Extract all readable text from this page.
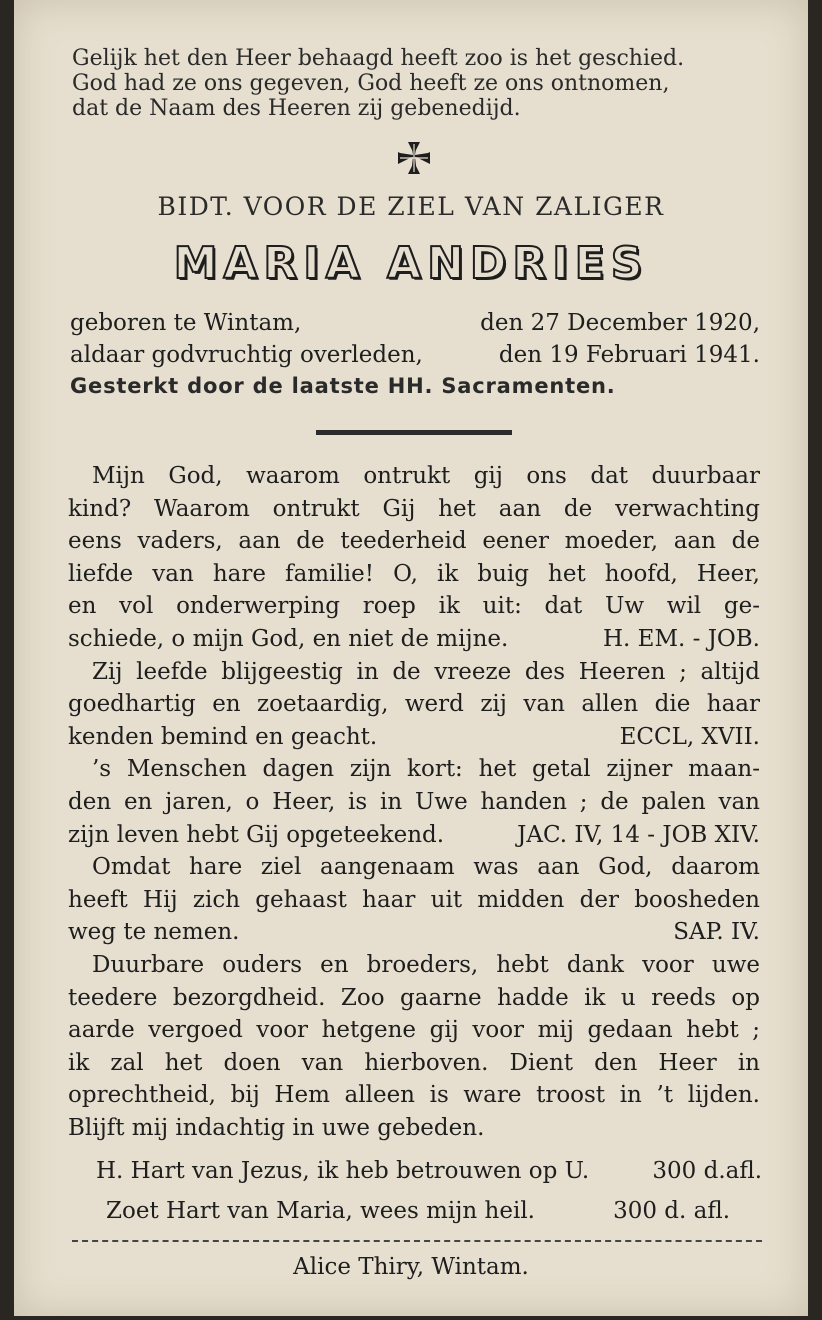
Gelijk het den Heer behaagd heeft zoo is het geschied.
God had ze ons gegeven, God heeft ze ons ontnomen,
dat de Naam des Heeren zij gebenedijd.
BIDT. VOOR DE ZIEL VAN ZALIGER
MARIA ANDRIES
geboren te Wintam,	den 27 December 1920,
aldaar godvruchtig overleden,	den 19 Februari 1941.
Gesterkt door de laatste HH. Sacramenten.
Mijn God, waarom ontrukt gij ons dat duurbaar
kind? Waarom ontrukt Gij het aan de verwachting
eens vaders, aan de teederheid eener moeder, aan de
liefde van hare familie! O, ik buig het hoofd, Heer,
en vol onderwerping roep ik uit: dat Uw wil ge-
schiede, o mijn God, en niet de mijne.	H. EM. - JOB.
Zij leefde blijgeestig in de vreeze des Heeren ; altijd
goedhartig en zoetaardig, werd zij van allen die haar
kenden bemind en geacht.	ECCL, XVII.
’s Menschen dagen zijn kort: het getal zijner maan-
den en jaren, o Heer, is in Uwe handen ; de palen van
zijn leven hebt Gij opgeteekend.	JAC. IV, 14 - JOB XIV.
Omdat hare ziel aangenaam was aan God, daarom
heeft Hij zich gehaast haar uit midden der boosheden
weg te nemen.	SAP. IV.
Duurbare ouders en broeders, hebt dank voor uwe
teedere bezorgdheid. Zoo gaarne hadde ik u reeds op
aarde vergoed voor hetgene gij voor mij gedaan hebt ;
ik zal het doen van hierboven. Dient den Heer in
oprechtheid, bij Hem alleen is ware troost in ’t lijden.
Blijft mij indachtig in uwe gebeden.
H. Hart van Jezus, ik heb betrouwen op U.	300 d.afl.
Zoet Hart van Maria, wees mijn heil.	300 d. afl.
Alice Thiry, Wintam.
